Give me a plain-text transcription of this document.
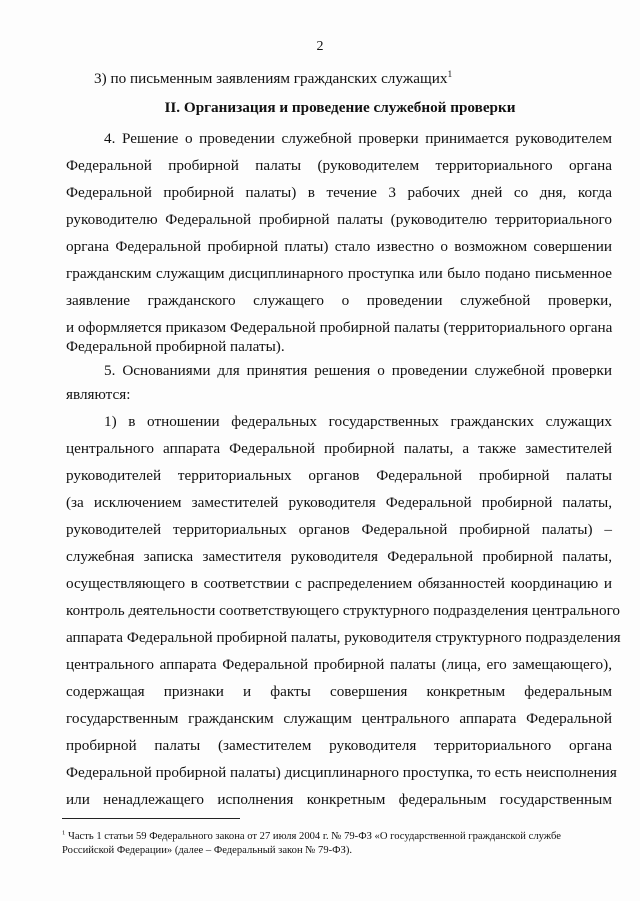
2
3) по письменным заявлениям гражданских служащих$^1$
II. Организация и проведение служебной проверки
4. Решение о проведении служебной проверки принимается руководителем
Федеральной пробирной палаты (руководителем территориального органа
Федеральной пробирной палаты) в течение 3 рабочих дней со дня, когда
руководителю Федеральной пробирной палаты (руководителю территориального
органа Федеральной пробирной платы) стало известно о возможном совершении
гражданским служащим дисциплинарного проступка или было подано письменное
заявление гражданского служащего о проведении служебной проверки,
и оформляется приказом Федеральной пробирной палаты (территориального органа
Федеральной пробирной палаты).
5. Основаниями для принятия решения о проведении служебной проверки
являются:
1) в отношении федеральных государственных гражданских служащих
центрального аппарата Федеральной пробирной палаты, а также заместителей
руководителей территориальных органов Федеральной пробирной палаты
(за исключением заместителей руководителя Федеральной пробирной палаты,
руководителей территориальных органов Федеральной пробирной палаты) –
служебная записка заместителя руководителя Федеральной пробирной палаты,
осуществляющего в соответствии с распределением обязанностей координацию и
контроль деятельности соответствующего структурного подразделения центрального
аппарата Федеральной пробирной палаты, руководителя структурного подразделения
центрального аппарата Федеральной пробирной палаты (лица, его замещающего),
содержащая признаки и факты совершения конкретным федеральным
государственным гражданским служащим центрального аппарата Федеральной
пробирной палаты (заместителем руководителя территориального органа
Федеральной пробирной палаты) дисциплинарного проступка, то есть неисполнения
или ненадлежащего исполнения конкретным федеральным государственным
$^1$ Часть 1 статьи 59 Федерального закона от 27 июля 2004 г. № 79-ФЗ «О государственной гражданской службе
Российской Федерации» (далее – Федеральный закон № 79-ФЗ).
